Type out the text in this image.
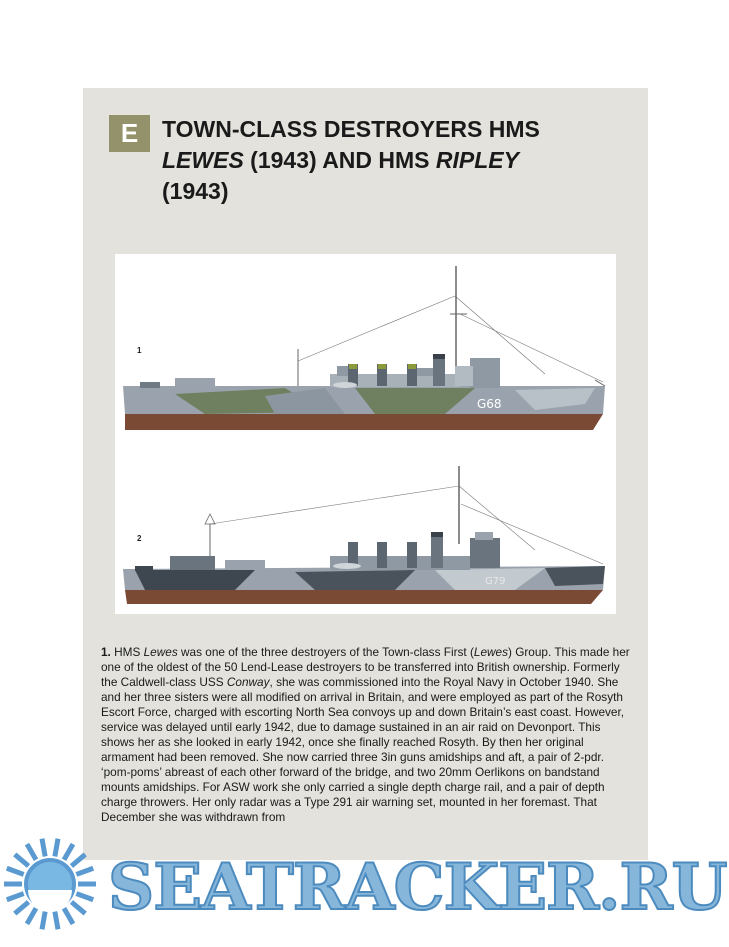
E	TOWN-CLASS DESTROYERS HMS
LEWES (1943) AND HMS RIPLEY
(1943)
1
G68
2
G79

1. HMS Lewes was one of the three destroyers of the Town-class First (Lewes) Group. This made her one of the oldest of the 50 Lend-Lease destroyers to be transferred into British ownership. Formerly the Caldwell-class USS Conway, she was commissioned into the Royal Navy in October 1940. She and her three sisters were all modified on arrival in Britain, and were employed as part of the Rosyth Escort Force, charged with escorting North Sea convoys up and down Britain’s east coast. However, service was delayed until early 1942, due to damage sustained in an air raid on Devonport. This shows her as she looked in early 1942, once she finally reached Rosyth. By then her original armament had been removed. She now carried three 3in guns amidships and aft, a pair of 2-pdr. ‘pom-poms’ abreast of each other forward of the bridge, and two 20mm Oerlikons on bandstand mounts amidships. For ASW work she only carried a single depth charge rail, and a pair of depth charge throwers. Her only radar was a Type 291 air warning set, mounted in her foremast. That December she was withdrawn from

SEATRACKER.RU
